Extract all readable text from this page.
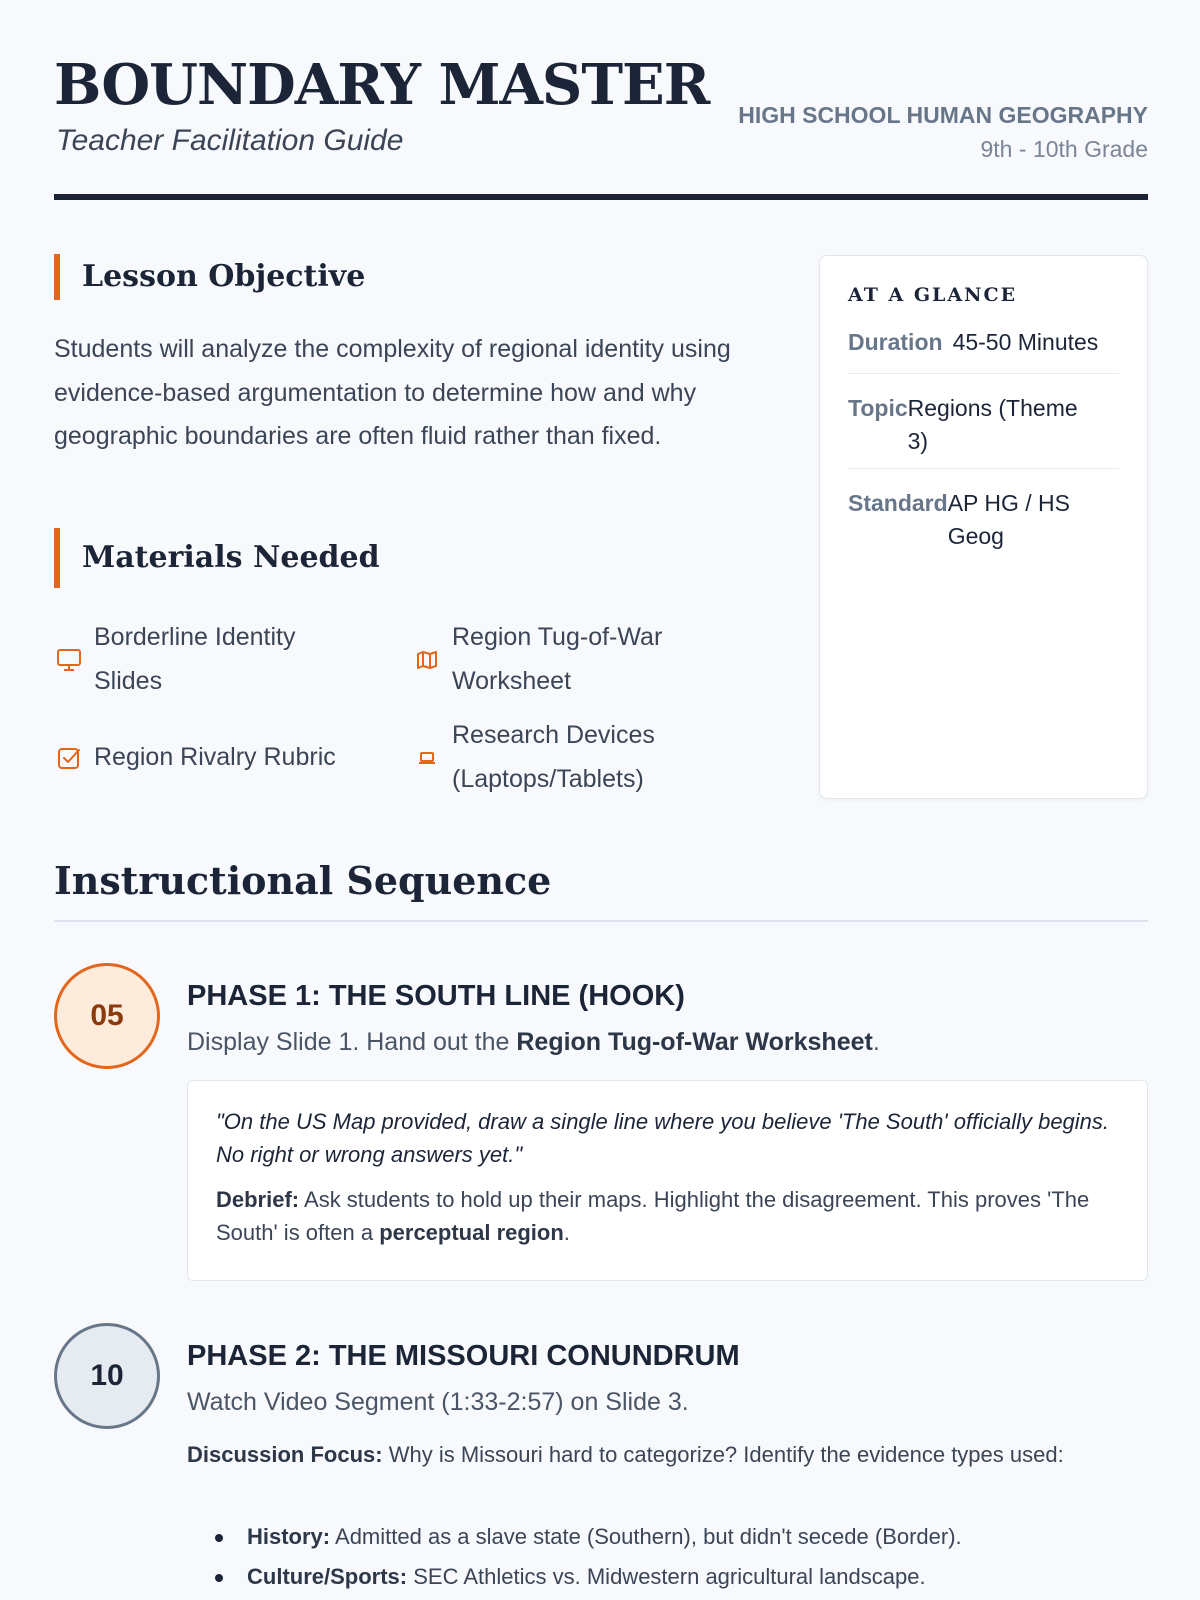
BOUNDARY MASTER
Teacher Facilitation Guide
HIGH SCHOOL HUMAN GEOGRAPHY
9th - 10th Grade
Lesson Objective
Students will analyze the complexity of regional identity using evidence-based argumentation to determine how and why geographic boundaries are often fluid rather than fixed.
Materials Needed
Borderline Identity Slides
Region Tug-of-War Worksheet
Region Rivalry Rubric
Research Devices (Laptops/Tablets)
AT A GLANCE
Duration 45-50 Minutes
Topic Regions (Theme 3)
Standard AP HG / HS Geog
Instructional Sequence
05
PHASE 1: THE SOUTH LINE (HOOK)
Display Slide 1. Hand out the Region Tug-of-War Worksheet.
"On the US Map provided, draw a single line where you believe 'The South' officially begins. No right or wrong answers yet."
Debrief: Ask students to hold up their maps. Highlight the disagreement. This proves 'The South' is often a perceptual region.
10
PHASE 2: THE MISSOURI CONUNDRUM
Watch Video Segment (1:33-2:57) on Slide 3.
Discussion Focus: Why is Missouri hard to categorize? Identify the evidence types used:
History: Admitted as a slave state (Southern), but didn't secede (Border).
Culture/Sports: SEC Athletics vs. Midwestern agricultural landscape.
